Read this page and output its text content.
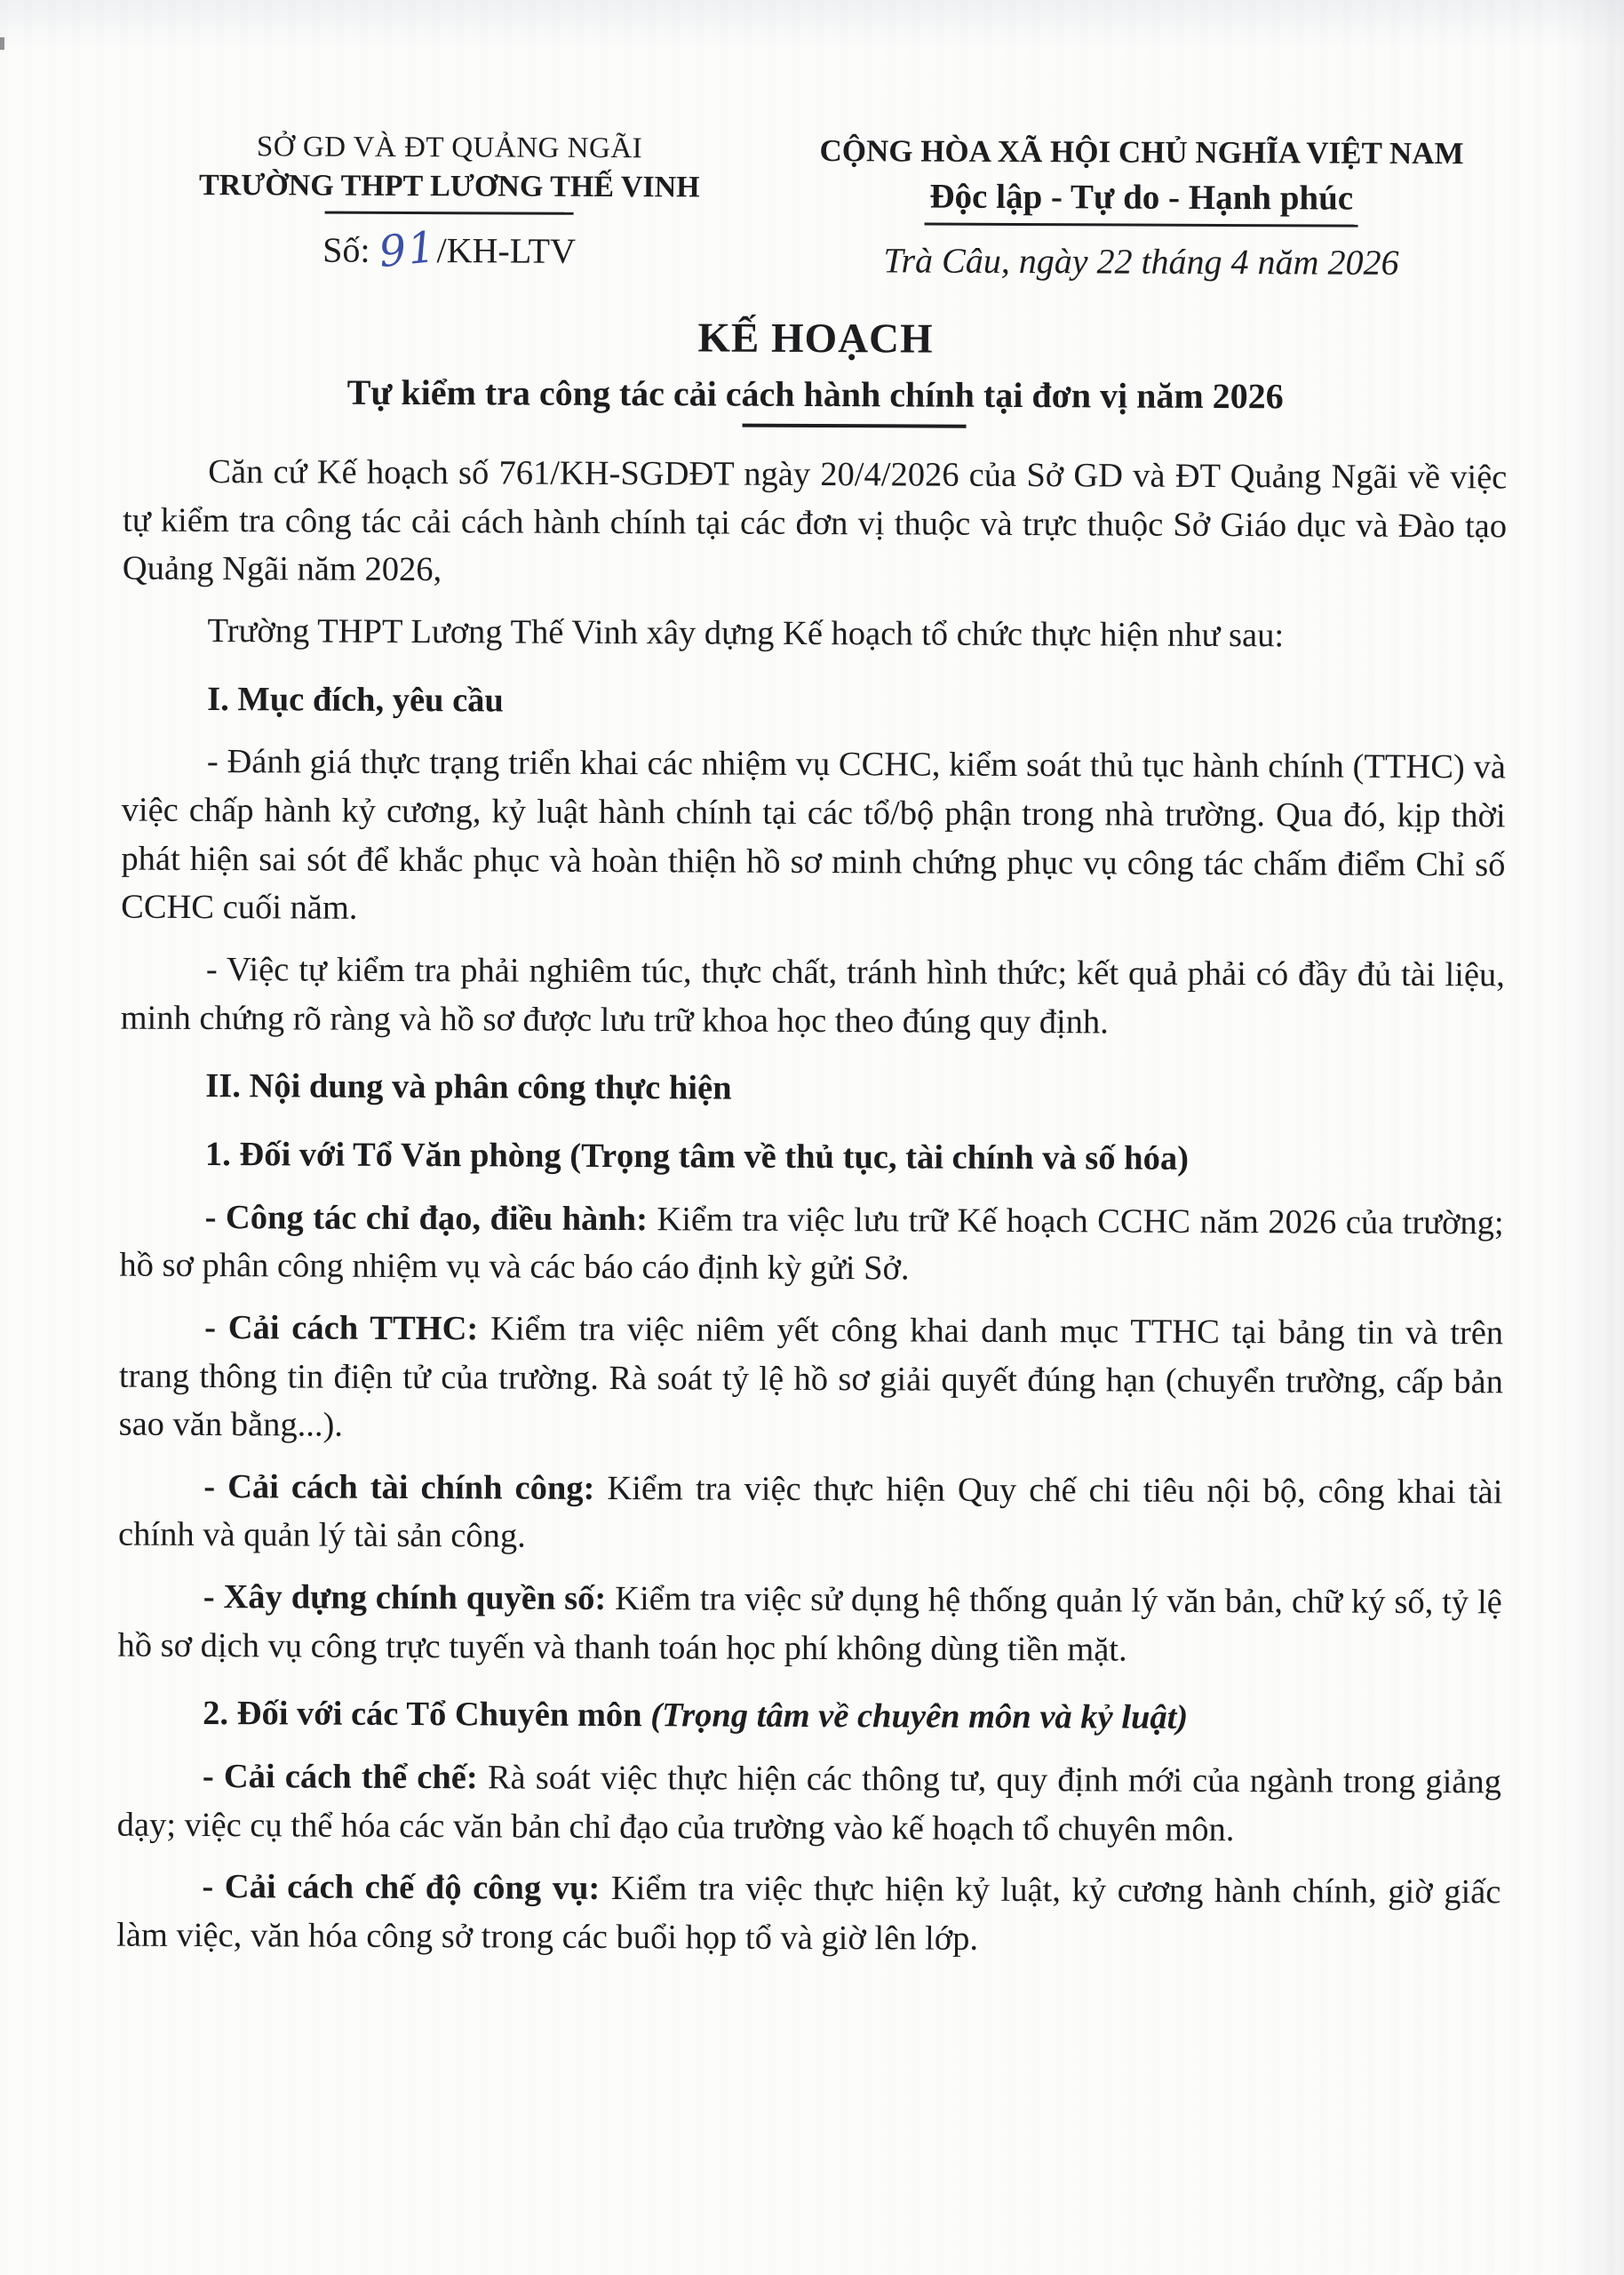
SỞ GD VÀ ĐT QUẢNG NGÃI
TRƯỜNG THPT LƯƠNG THẾ VINH
Số: 91/KH-LTV
CỘNG HÒA XÃ HỘI CHỦ NGHĨA VIỆT NAM
Độc lập - Tự do - Hạnh phúc
Trà Câu, ngày 22 tháng 4 năm 2026
KẾ HOẠCH
Tự kiểm tra công tác cải cách hành chính tại đơn vị năm 2026

Căn cứ Kế hoạch số 761/KH-SGDĐT ngày 20/4/2026 của Sở GD và ĐT Quảng Ngãi về việc tự kiểm tra công tác cải cách hành chính tại các đơn vị thuộc và trực thuộc Sở Giáo dục và Đào tạo Quảng Ngãi năm 2026,

Trường THPT Lương Thế Vinh xây dựng Kế hoạch tổ chức thực hiện như sau:

I. Mục đích, yêu cầu

- Đánh giá thực trạng triển khai các nhiệm vụ CCHC, kiểm soát thủ tục hành chính (TTHC) và việc chấp hành kỷ cương, kỷ luật hành chính tại các tổ/bộ phận trong nhà trường. Qua đó, kịp thời phát hiện sai sót để khắc phục và hoàn thiện hồ sơ minh chứng phục vụ công tác chấm điểm Chỉ số CCHC cuối năm.

- Việc tự kiểm tra phải nghiêm túc, thực chất, tránh hình thức; kết quả phải có đầy đủ tài liệu, minh chứng rõ ràng và hồ sơ được lưu trữ khoa học theo đúng quy định.

II. Nội dung và phân công thực hiện

1. Đối với Tổ Văn phòng (Trọng tâm về thủ tục, tài chính và số hóa)

- Công tác chỉ đạo, điều hành: Kiểm tra việc lưu trữ Kế hoạch CCHC năm 2026 của trường; hồ sơ phân công nhiệm vụ và các báo cáo định kỳ gửi Sở.

- Cải cách TTHC: Kiểm tra việc niêm yết công khai danh mục TTHC tại bảng tin và trên trang thông tin điện tử của trường. Rà soát tỷ lệ hồ sơ giải quyết đúng hạn (chuyển trường, cấp bản sao văn bằng...).

- Cải cách tài chính công: Kiểm tra việc thực hiện Quy chế chi tiêu nội bộ, công khai tài chính và quản lý tài sản công.

- Xây dựng chính quyền số: Kiểm tra việc sử dụng hệ thống quản lý văn bản, chữ ký số, tỷ lệ hồ sơ dịch vụ công trực tuyến và thanh toán học phí không dùng tiền mặt.

2. Đối với các Tổ Chuyên môn (Trọng tâm về chuyên môn và kỷ luật)

- Cải cách thể chế: Rà soát việc thực hiện các thông tư, quy định mới của ngành trong giảng dạy; việc cụ thể hóa các văn bản chỉ đạo của trường vào kế hoạch tổ chuyên môn.

- Cải cách chế độ công vụ: Kiểm tra việc thực hiện kỷ luật, kỷ cương hành chính, giờ giấc làm việc, văn hóa công sở trong các buổi họp tổ và giờ lên lớp.
